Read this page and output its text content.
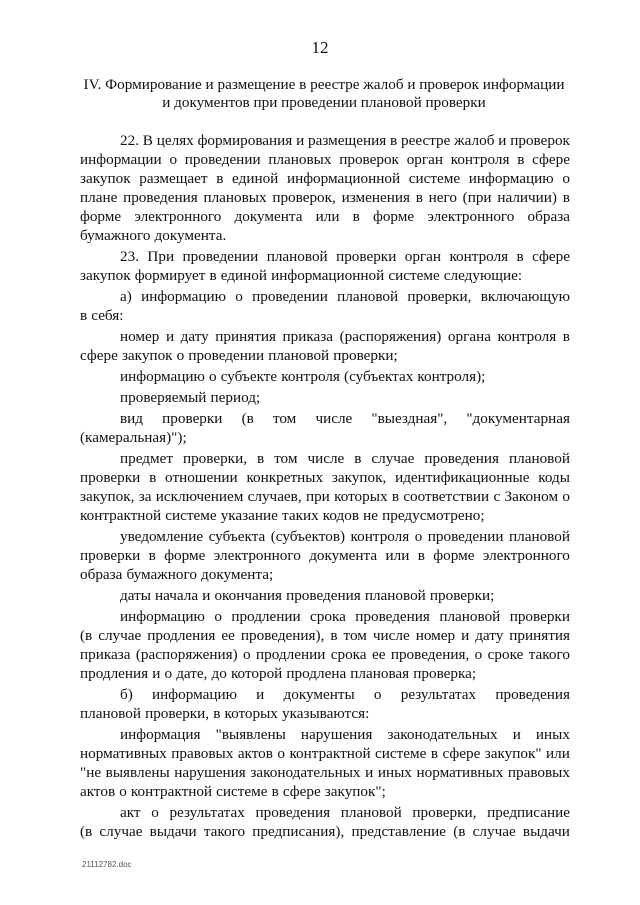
12
IV. Формирование и размещение в реестре жалоб и проверок информации
и документов при проведении плановой проверки
22. В целях формирования и размещения в реестре жалоб и проверок
информации о проведении плановых проверок орган контроля в сфере
закупок размещает в единой информационной системе информацию о
плане проведения плановых проверок, изменения в него (при наличии) в
форме электронного документа или в форме электронного образа
бумажного документа.
23. При проведении плановой проверки орган контроля в сфере
закупок формирует в единой информационной системе следующие:
а) информацию о проведении плановой проверки, включающую
в себя:
номер и дату принятия приказа (распоряжения) органа контроля в
сфере закупок о проведении плановой проверки;
информацию о субъекте контроля (субъектах контроля);
проверяемый период;
вид проверки (в том числе "выездная", "документарная
(камеральная)");
предмет проверки, в том числе в случае проведения плановой
проверки в отношении конкретных закупок, идентификационные коды
закупок, за исключением случаев, при которых в соответствии с Законом о
контрактной системе указание таких кодов не предусмотрено;
уведомление субъекта (субъектов) контроля о проведении плановой
проверки в форме электронного документа или в форме электронного
образа бумажного документа;
даты начала и окончания проведения плановой проверки;
информацию о продлении срока проведения плановой проверки
(в случае продления ее проведения), в том числе номер и дату принятия
приказа (распоряжения) о продлении срока ее проведения, о сроке такого
продления и о дате, до которой продлена плановая проверка;
б) информацию и документы о результатах проведения
плановой проверки, в которых указываются:
информация "выявлены нарушения законодательных и иных
нормативных правовых актов о контрактной системе в сфере закупок" или
"не выявлены нарушения законодательных и иных нормативных правовых
актов о контрактной системе в сфере закупок";
акт о результатах проведения плановой проверки, предписание
(в случае выдачи такого предписания), представление (в случае выдачи
21112782.doc
